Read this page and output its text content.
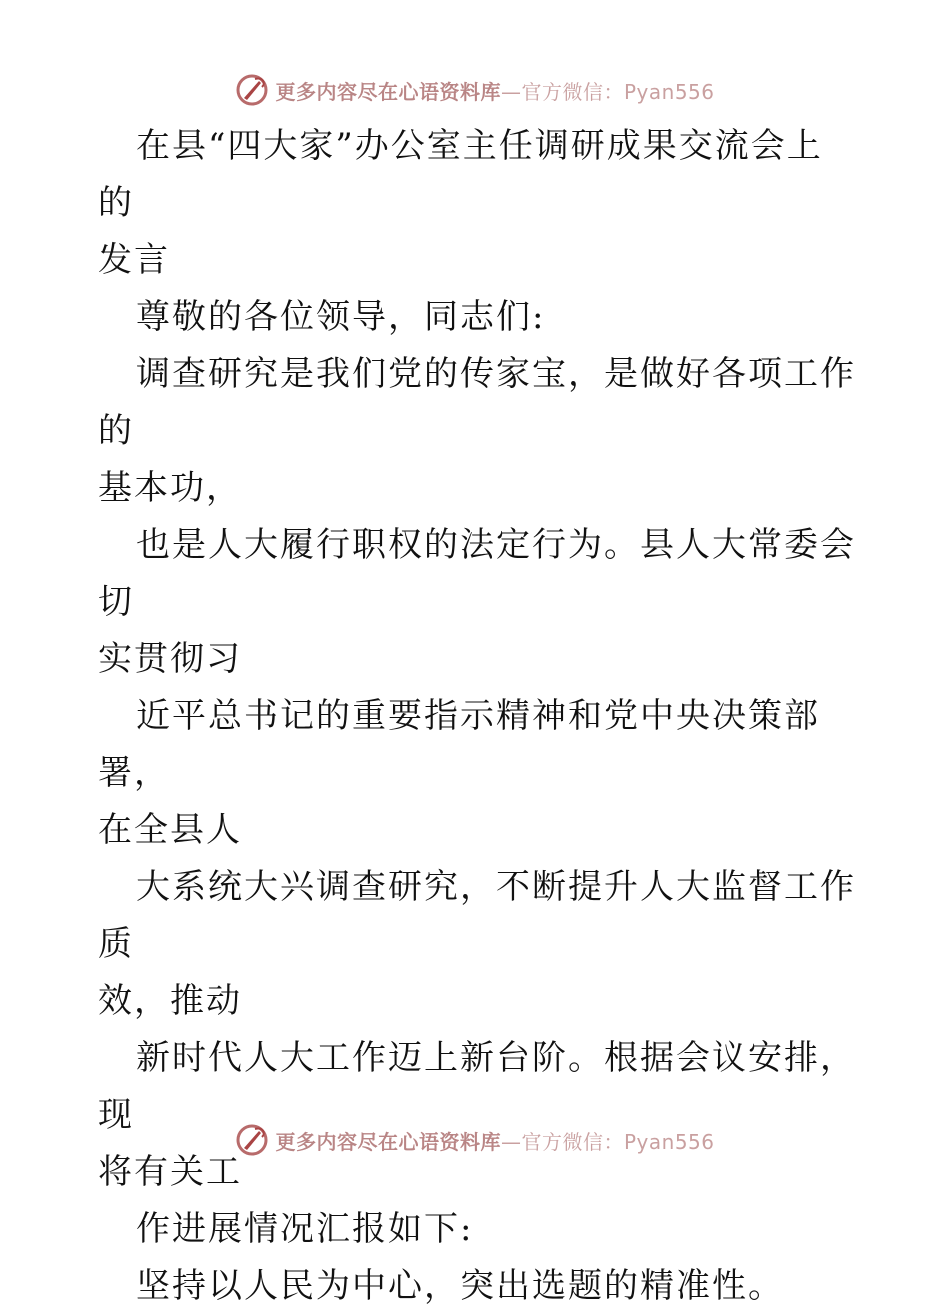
更多内容尽在心语资料库—官方微信：Pyan556

在县“四大家”办公室主任调研成果交流会上的

发言

尊敬的各位领导，同志们:

调查研究是我们党的传家宝，是做好各项工作的

基本功，

也是人大履行职权的法定行为。县人大常委会切

实贯彻习

近平总书记的重要指示精神和党中央决策部署，

在全县人

大系统大兴调查研究，不断提升人大监督工作质

效，推动

新时代人大工作迈上新台阶。根据会议安排，现

将有关工

作进展情况汇报如下:

坚持以人民为中心，突出选题的精准性。

更多内容尽在心语资料库—官方微信：Pyan556
